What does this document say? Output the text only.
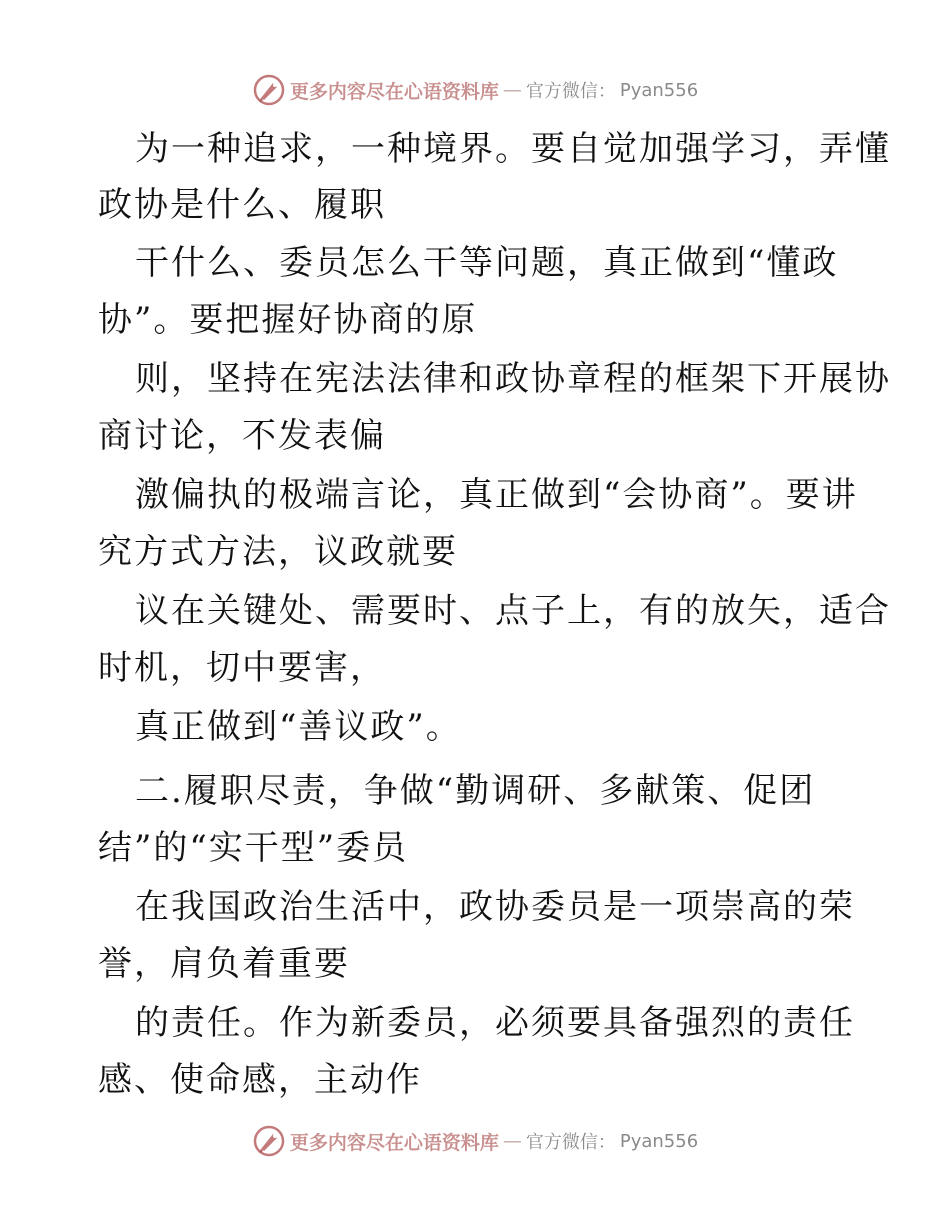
更多内容尽在心语资料库 — 官方微信： Pyan556
为一种追求，一种境界。要自觉加强学习，弄懂
政协是什么、履职
干什么、委员怎么干等问题，真正做到“懂政
协”。要把握好协商的原
则，坚持在宪法法律和政协章程的框架下开展协
商讨论，不发表偏
激偏执的极端言论，真正做到“会协商”。要讲
究方式方法，议政就要
议在关键处、需要时、点子上，有的放矢，适合
时机，切中要害，
真正做到“善议政”。
二.履职尽责，争做“勤调研、多献策、促团
结”的“实干型”委员
在我国政治生活中，政协委员是一项崇高的荣
誉，肩负着重要
的责任。作为新委员，必须要具备强烈的责任
感、使命感，主动作
更多内容尽在心语资料库 — 官方微信： Pyan556
